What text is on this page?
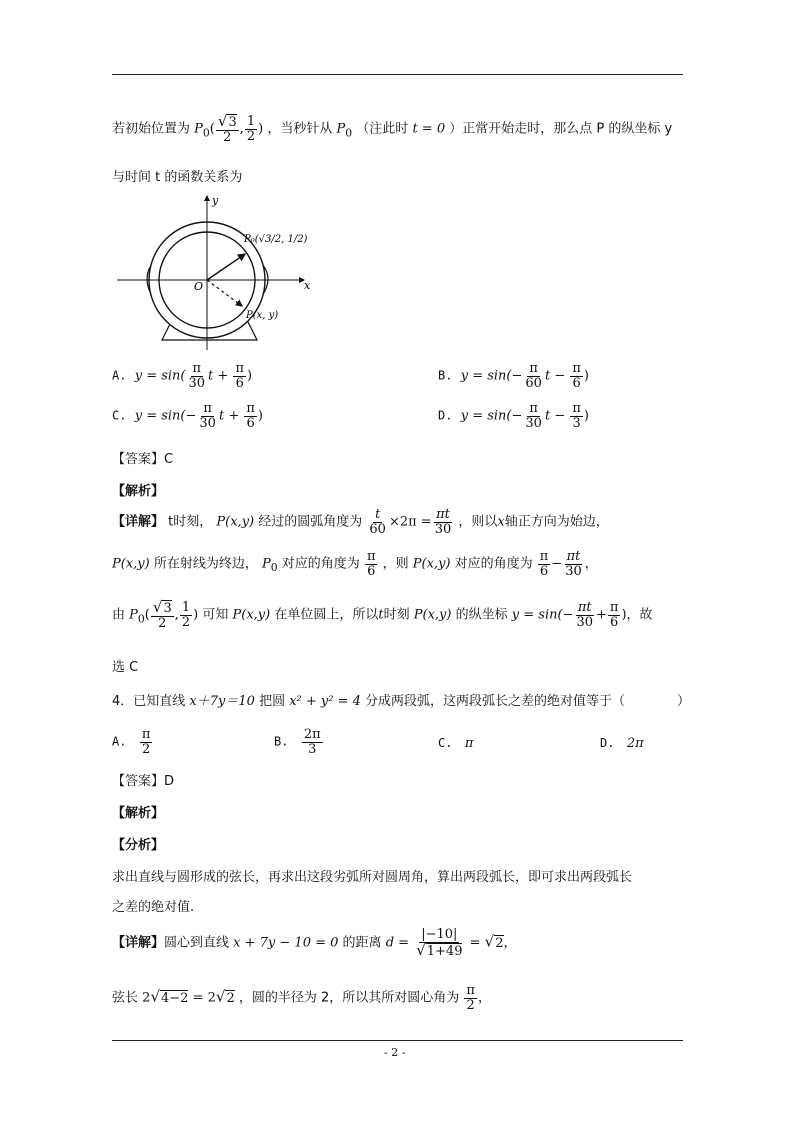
若初始位置为 $P_0( \frac{√3}{2}$ , $\frac{1}{2}$ ) ，当秒针从 $P_0$ （注此时 t = 0 ）正常开始走时，那么点 P 的纵坐标 y
与时间 t 的函数关系为
y
x
O
P₀(√3/2, 1/2)
P(x, y)
A. $y = \sin( \frac{\pi}{30}$ $t + \frac{\pi}{6}$ )	B. $y = \sin(- \frac{\pi}{60}$ $t - \frac{\pi}{6}$ )
C. $y = \sin(- \frac{\pi}{30}$ $t + \frac{\pi}{6}$ )	D. $y = \sin(- \frac{\pi}{30}$ $t - \frac{\pi}{3}$ )
【答案】C
【解析】
【详解】 t时刻， P(x,y) 经过的圆弧角度为 $\frac{t}{60} \times 2\pi = \frac{\pi t}{30}$ ，则以x轴正方向为始边，
P(x,y) 所在射线为终边， $P_0$ 对应的角度为 $\frac{\pi}{6}$ ，则 P(x,y) 对应的角度为 $\frac{\pi}{6} - \frac{\pi t}{30}$ ，
由 $P_0( \frac{√3}{2}$ , $\frac{1}{2}$ ) 可知 P(x,y) 在单位圆上，所以t时刻 P(x,y) 的纵坐标 $y = \sin(- \frac{\pi t}{30} + \frac{\pi}{6}$ )，故
选 C
4．已知直线 x＋7y＝10 把圆 x² + y² = 4 分成两段弧，这两段弧长之差的绝对值等于（　　　　）
A. $\frac{\pi}{2}$	B. $\frac{2\pi}{3}$	C. π	D. 2π
【答案】D
【解析】
【分析】
求出直线与圆形成的弦长，再求出这段劣弧所对圆周角，算出两段弧长，即可求出两段弧长
之差的绝对值.
【详解】圆心到直线 x + 7y − 10 = 0 的距离 $d = \frac{|-10|}{√1+49} = √2$，
弦长 2√4−2 = 2√2 ，圆的半径为 2，所以其所对圆心角为 $\frac{\pi}{2}$ ，
- 2 -
